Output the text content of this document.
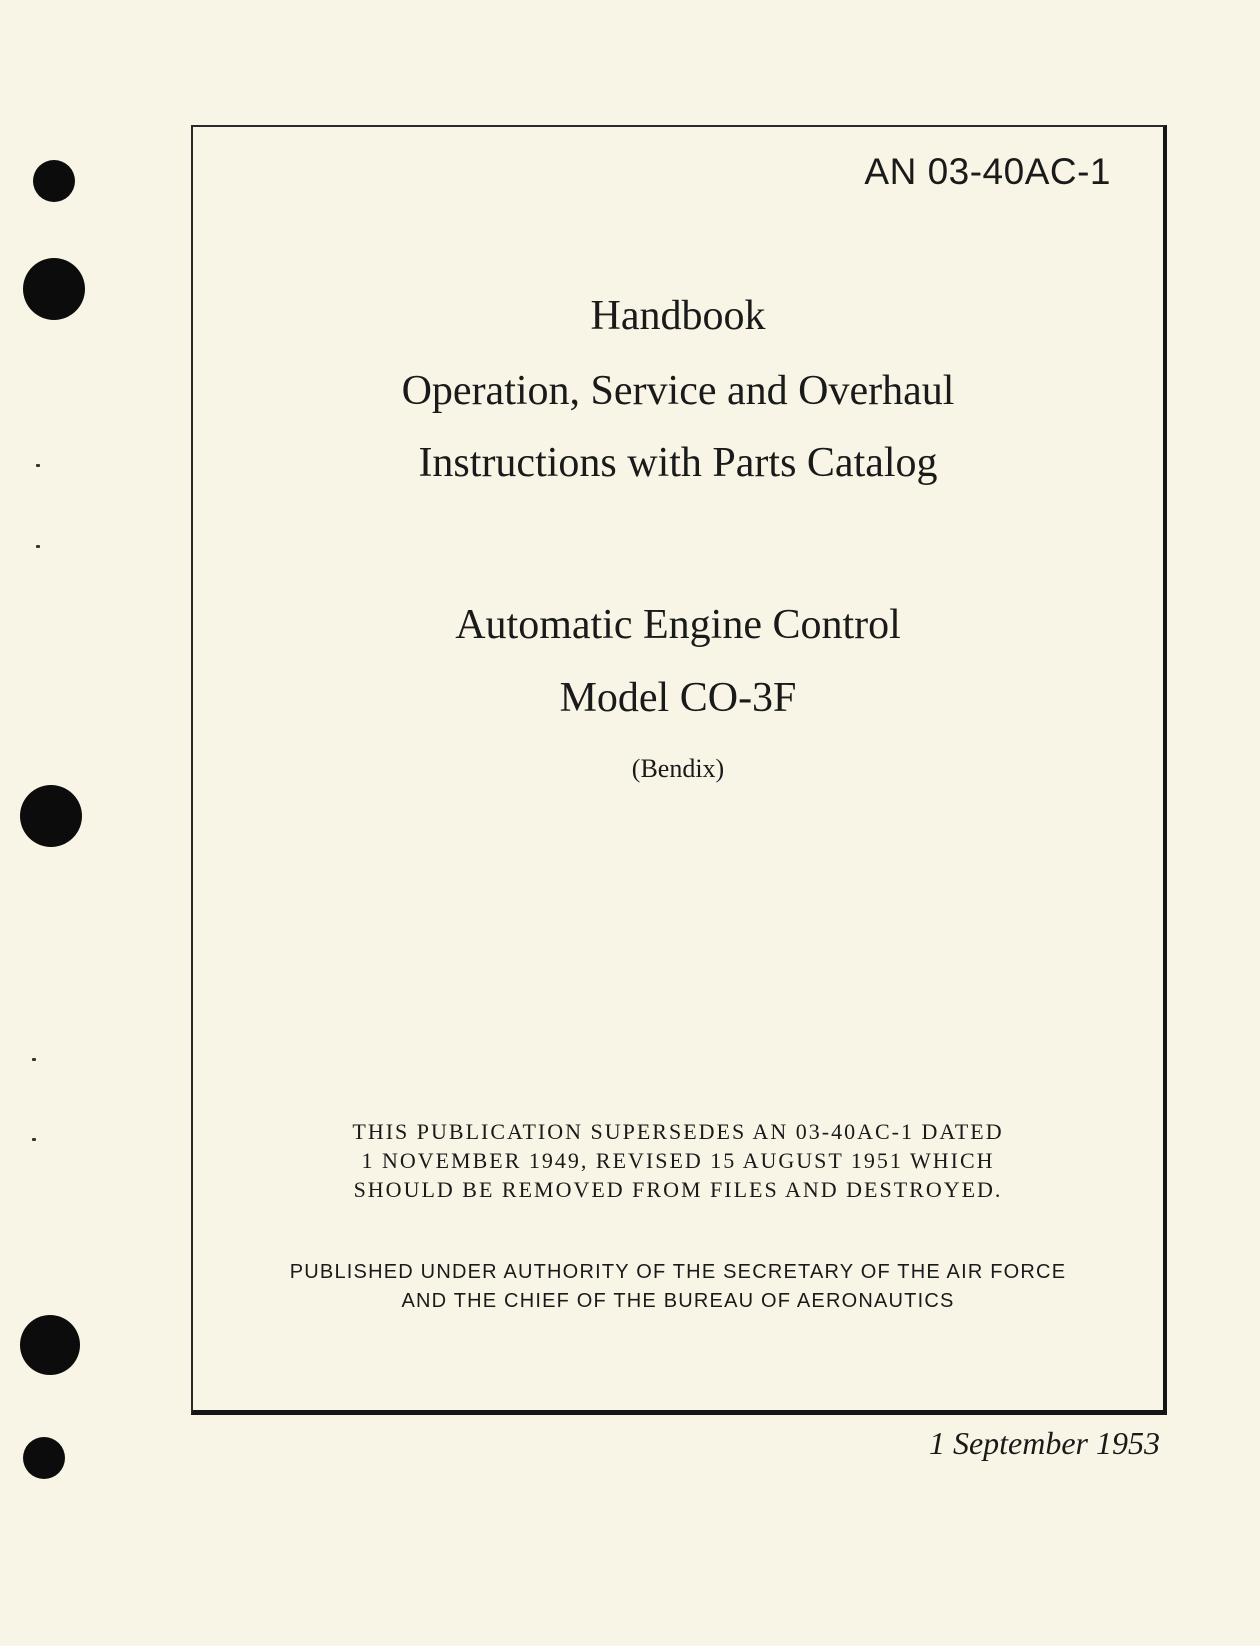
AN 03-40AC-1
Handbook
Operation, Service and Overhaul
Instructions with Parts Catalog
Automatic Engine Control
Model CO-3F
(Bendix)
THIS PUBLICATION SUPERSEDES AN 03-40AC-1 DATED
1 NOVEMBER 1949, REVISED 15 AUGUST 1951 WHICH
SHOULD BE REMOVED FROM FILES AND DESTROYED.
PUBLISHED UNDER AUTHORITY OF THE SECRETARY OF THE AIR FORCE
AND THE CHIEF OF THE BUREAU OF AERONAUTICS
1 September 1953
